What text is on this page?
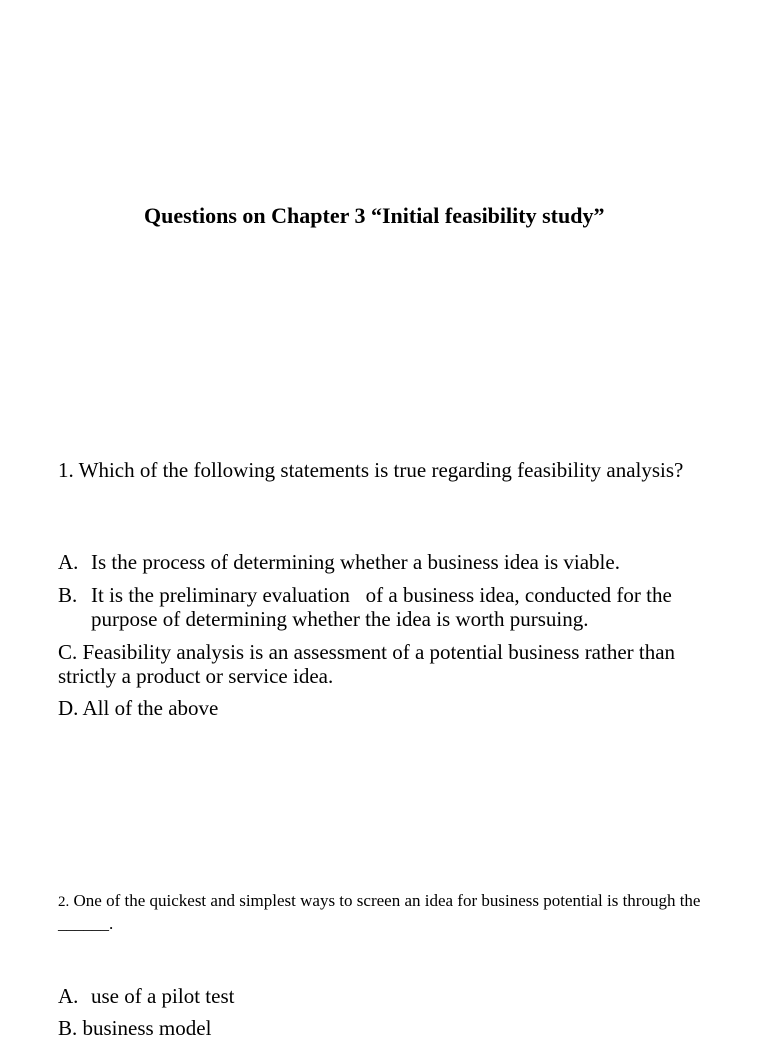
Questions on Chapter 3 “Initial feasibility study”
1. Which of the following statements is true regarding feasibility analysis?
A. Is the process of determining whether a business idea is viable.
B. It is the preliminary evaluation   of a business idea, conducted for the purpose of determining whether the idea is worth pursuing.
C. Feasibility analysis is an assessment of a potential business rather than strictly a product or service idea.
D. All of the above
2. One of the quickest and simplest ways to screen an idea for business potential is through the ______.
A. use of a pilot test
B. business model
